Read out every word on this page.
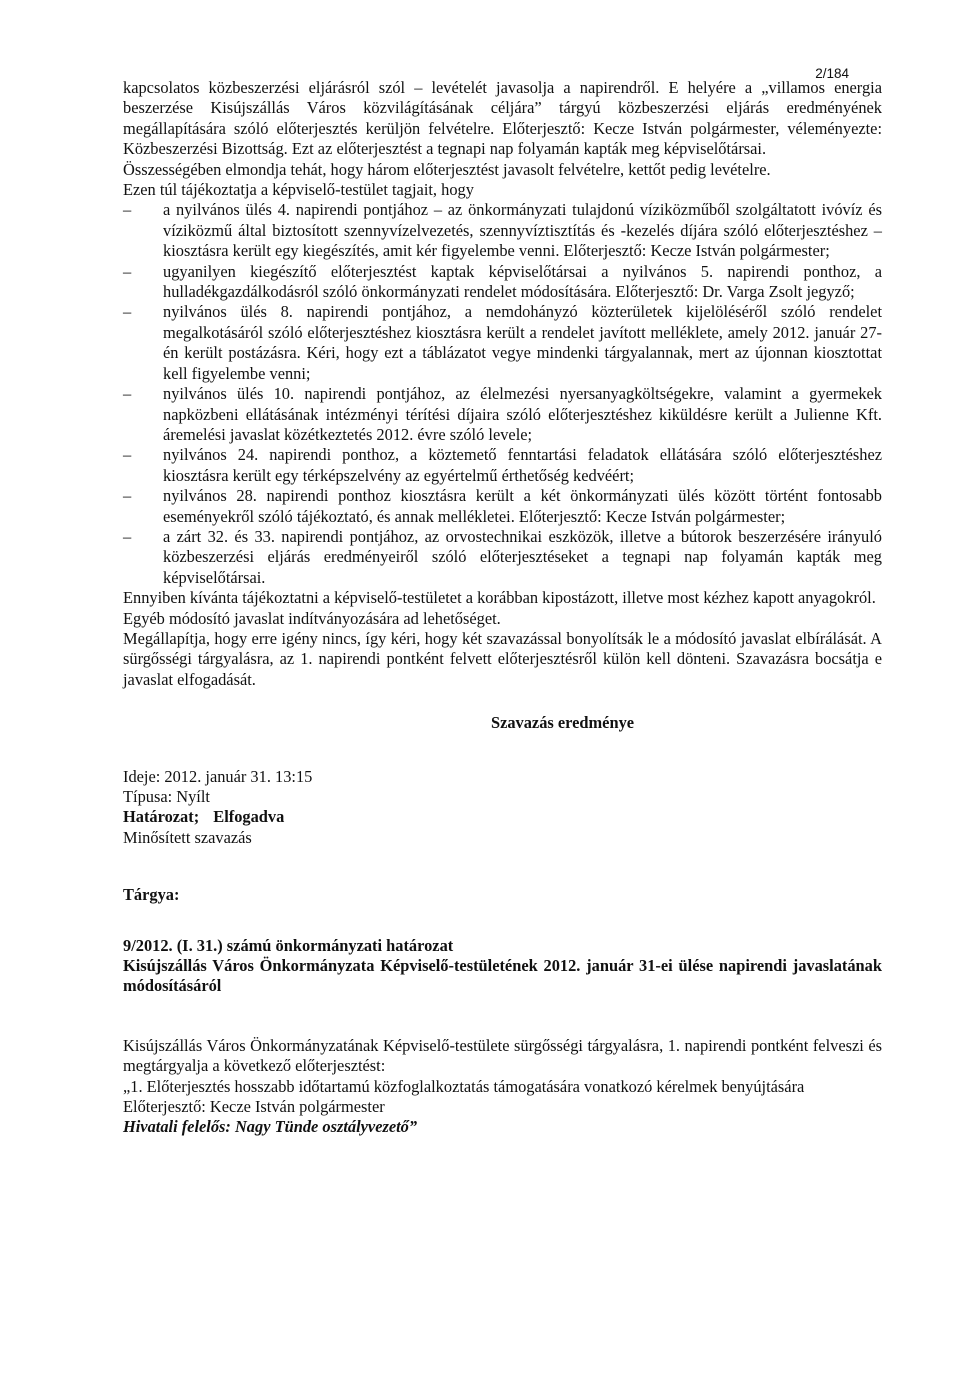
2/184

kapcsolatos közbeszerzési eljárásról szól – levételét javasolja a napirendről. E helyére a „villamos energia beszerzése Kisújszállás Város közvilágításának céljára” tárgyú közbeszerzési eljárás eredményének megállapítására szóló előterjesztés kerüljön felvételre. Előterjesztő: Kecze István polgármester, véleményezte: Közbeszerzési Bizottság. Ezt az előterjesztést a tegnapi nap folyamán kapták meg képviselőtársai.

Összességében elmondja tehát, hogy három előterjesztést javasolt felvételre, kettőt pedig levételre.

Ezen túl tájékoztatja a képviselő-testület tagjait, hogy

– a nyilvános ülés 4. napirendi pontjához – az önkormányzati tulajdonú víziközműből szolgáltatott ivóvíz és víziközmű által biztosított szennyvízelvezetés, szennyvíztisztítás és -kezelés díjára szóló előterjesztéshez – kiosztásra került egy kiegészítés, amit kér figyelembe venni. Előterjesztő: Kecze István polgármester;
– ugyanilyen kiegészítő előterjesztést kaptak képviselőtársai a nyilvános 5. napirendi ponthoz, a hulladékgazdálkodásról szóló önkormányzati rendelet módosítására. Előterjesztő: Dr. Varga Zsolt jegyző;
– nyilvános ülés 8. napirendi pontjához, a nemdohányzó közterületek kijelöléséről szóló rendelet megalkotásáról szóló előterjesztéshez kiosztásra került a rendelet javított melléklete, amely 2012. január 27-én került postázásra. Kéri, hogy ezt a táblázatot vegye mindenki tárgyalannak, mert az újonnan kiosztottat kell figyelembe venni;
– nyilvános ülés 10. napirendi pontjához, az élelmezési nyersanyagköltségekre, valamint a gyermekek napközbeni ellátásának intézményi térítési díjaira szóló előterjesztéshez kiküldésre került a Julienne Kft. áremelési javaslat közétkeztetés 2012. évre szóló levele;
– nyilvános 24. napirendi ponthoz, a köztemető fenntartási feladatok ellátására szóló előterjesztéshez kiosztásra került egy térképszelvény az egyértelmű érthetőség kedvéért;
– nyilvános 28. napirendi ponthoz kiosztásra került a két önkormányzati ülés között történt fontosabb eseményekről szóló tájékoztató, és annak mellékletei. Előterjesztő: Kecze István polgármester;
– a zárt 32. és 33. napirendi pontjához, az orvostechnikai eszközök, illetve a bútorok beszerzésére irányuló közbeszerzési eljárás eredményeiről szóló előterjesztéseket a tegnapi nap folyamán kapták meg képviselőtársai.

Ennyiben kívánta tájékoztatni a képviselő-testületet a korábban kipostázott, illetve most kézhez kapott anyagokról.

Egyéb módosító javaslat indítványozására ad lehetőséget.

Megállapítja, hogy erre igény nincs, így kéri, hogy két szavazással bonyolítsák le a módosító javaslat elbírálását. A sürgősségi tárgyalásra, az 1. napirendi pontként felvett előterjesztésről külön kell dönteni. Szavazásra bocsátja e javaslat elfogadását.

Szavazás eredménye
Ideje: 2012. január 31. 13:15
Típusa: Nyílt
Határozat; Elfogadva
Minősített szavazás
Tárgya:
9/2012. (I. 31.) számú önkormányzati határozat
Kisújszállás Város Önkormányzata Képviselő-testületének 2012. január 31-ei ülése napirendi javaslatának módosításáról

Kisújszállás Város Önkormányzatának Képviselő-testülete sürgősségi tárgyalásra, 1. napirendi pontként felveszi és megtárgyalja a következő előterjesztést:

„1. Előterjesztés hosszabb időtartamú közfoglalkoztatás támogatására vonatkozó kérelmek benyújtására

Előterjesztő: Kecze István polgármester

Hivatali felelős: Nagy Tünde osztályvezető”
